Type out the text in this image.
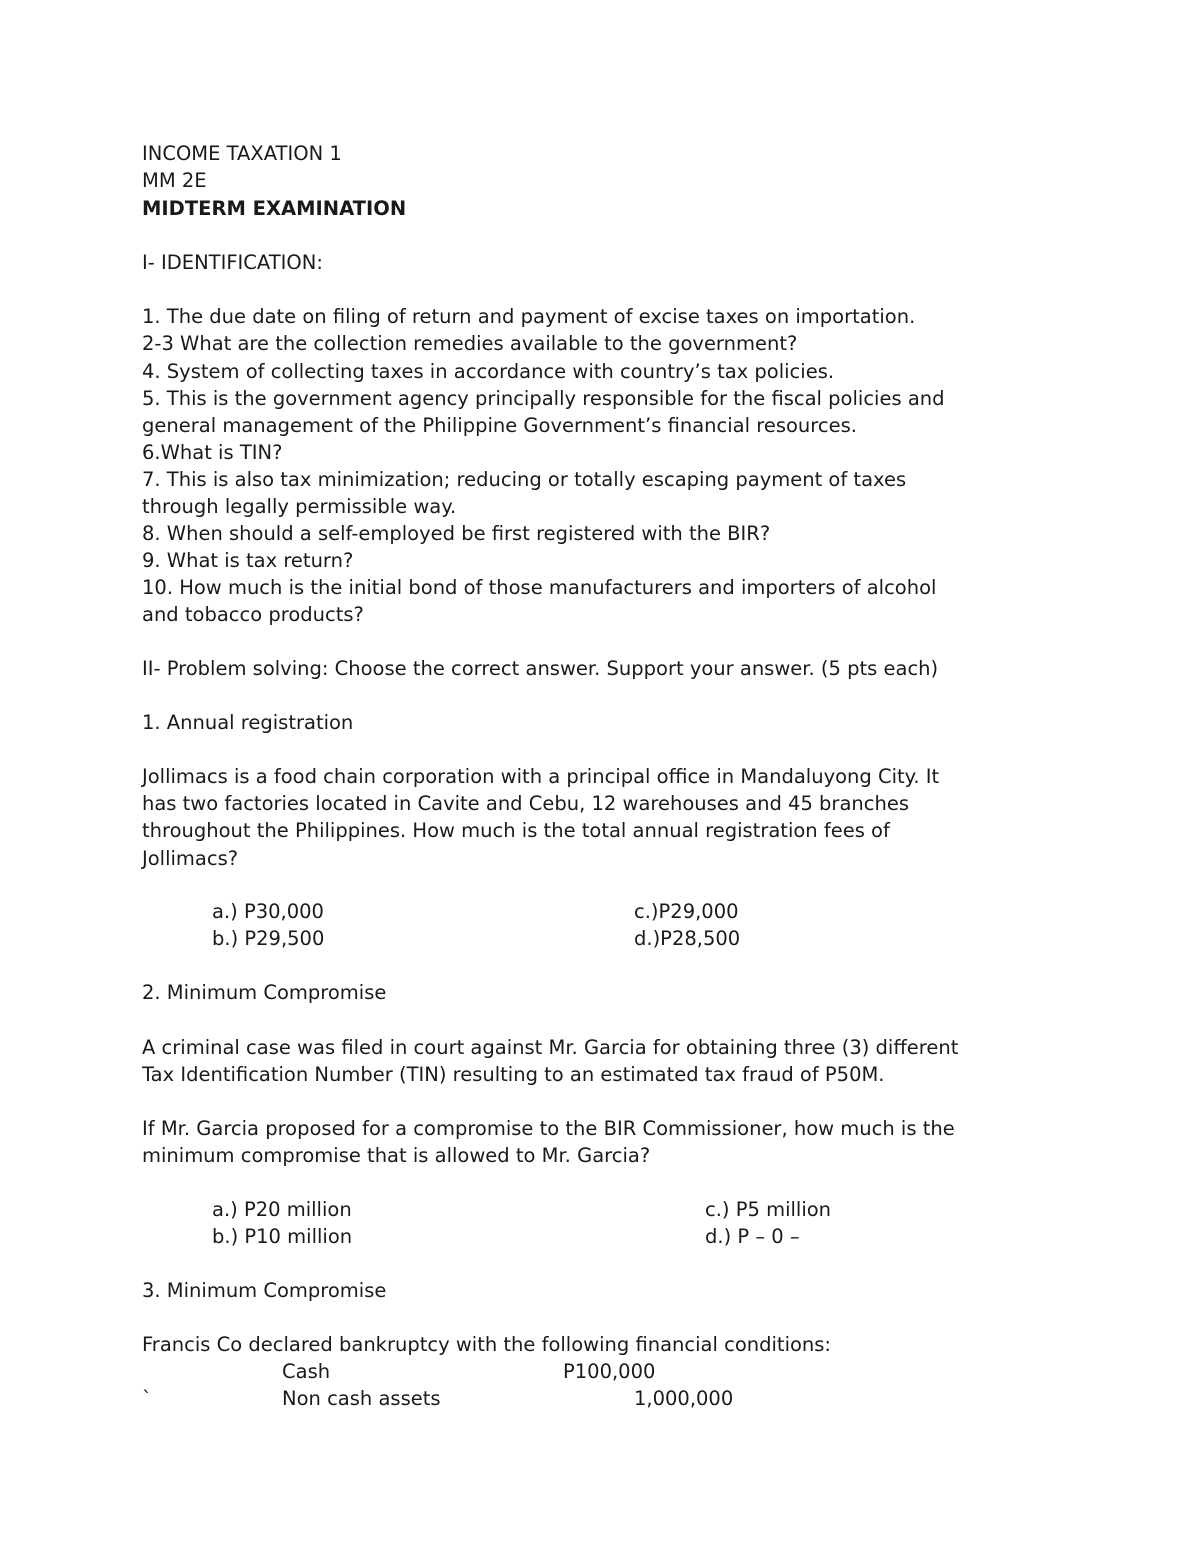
INCOME TAXATION 1
MM 2E
MIDTERM EXAMINATION
I- IDENTIFICATION:
1. The due date on filing of return and payment of excise taxes on importation.
2-3 What are the collection remedies available to the government?
4. System of collecting taxes in accordance with country’s tax policies.
5. This is the government agency principally responsible for the fiscal policies and
general management of the Philippine Government’s financial resources.
6.What is TIN?
7. This is also tax minimization; reducing or totally escaping payment of taxes
through legally permissible way.
8. When should a self-employed be first registered with the BIR?
9. What is tax return?
10. How much is the initial bond of those manufacturers and importers of alcohol
and tobacco products?
II- Problem solving: Choose the correct answer. Support your answer. (5 pts each)
1. Annual registration
Jollimacs is a food chain corporation with a principal office in Mandaluyong City. It
has two factories located in Cavite and Cebu, 12 warehouses and 45 branches
throughout the Philippines. How much is the total annual registration fees of
Jollimacs?
a.) P30,000
b.) P29,500
c.)P29,000
d.)P28,500
2. Minimum Compromise
A criminal case was filed in court against Mr. Garcia for obtaining three (3) different
Tax Identification Number (TIN) resulting to an estimated tax fraud of P50M.
If Mr. Garcia proposed for a compromise to the BIR Commissioner, how much is the
minimum compromise that is allowed to Mr. Garcia?
a.) P20 million
b.) P10 million
c.) P5 million
d.) P – 0 –
3. Minimum Compromise
Francis Co declared bankruptcy with the following financial conditions:
Cash	P100,000
`	Non cash assets	1,000,000
